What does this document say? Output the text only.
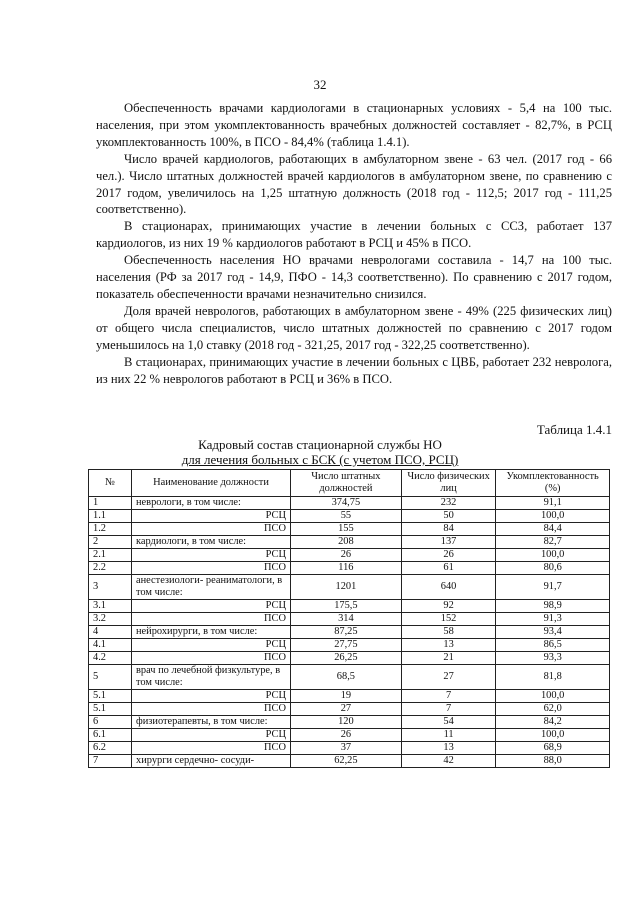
32

Обеспеченность врачами кардиологами в стационарных условиях - 5,4 на 100 тыс. населения, при этом укомплектованность врачебных должностей составляет - 82,7%, в РСЦ укомплектованность 100%, в ПСО - 84,4% (таблица 1.4.1).

Число врачей кардиологов, работающих в амбулаторном звене - 63 чел. (2017 год - 66 чел.). Число штатных должностей врачей кардиологов в амбулаторном звене, по сравнению с 2017 годом, увеличилось на 1,25 штатную должность (2018 год - 112,5; 2017 год - 111,25 соответственно).

В стационарах, принимающих участие в лечении больных с ССЗ, работает 137 кардиологов, из них 19 % кардиологов работают в РСЦ и 45% в ПСО.

Обеспеченность населения НО врачами неврологами составила - 14,7 на 100 тыс. населения (РФ за 2017 год - 14,9, ПФО - 14,3 соответственно). По сравнению с 2017 годом, показатель обеспеченности врачами незначительно снизился.

Доля врачей неврологов, работающих в амбулаторном звене - 49% (225 физических лиц) от общего числа специалистов, число штатных должностей по сравнению с 2017 годом уменьшилось на 1,0 ставку (2018 год - 321,25, 2017 год - 322,25 соответственно).

В стационарах, принимающих участие в лечении больных с ЦВБ, работает 232 невролога, из них 22 % неврологов работают в РСЦ и 36% в ПСО.

Таблица 1.4.1
Кадровый состав стационарной службы НО
для лечения больных с БСК (с учетом ПСО, РСЦ)
№	Наименование должности	Число штатных должностей	Число физических лиц	Укомплектованность (%)
1	неврологи, в том числе:	374,75	232	91,1
1.1	РСЦ	55	50	100,0
1.2	ПСО	155	84	84,4
2	кардиологи, в том числе:	208	137	82,7
2.1	РСЦ	26	26	100,0
2.2	ПСО	116	61	80,6
3	анестезиологи- реаниматологи, в том числе:	1201	640	91,7
3.1	РСЦ	175,5	92	98,9
3.2	ПСО	314	152	91,3
4	нейрохирурги, в том числе:	87,25	58	93,4
4.1	РСЦ	27,75	13	86,5
4.2	ПСО	26,25	21	93,3
5	врач по лечебной физкультуре, в том числе:	68,5	27	81,8
5.1	РСЦ	19	7	100,0
5.1	ПСО	27	7	62,0
6	физиотерапевты, в том числе:	120	54	84,2
6.1	РСЦ	26	11	100,0
6.2	ПСО	37	13	68,9
7	хирурги сердечно- сосуди-	62,25	42	88,0
